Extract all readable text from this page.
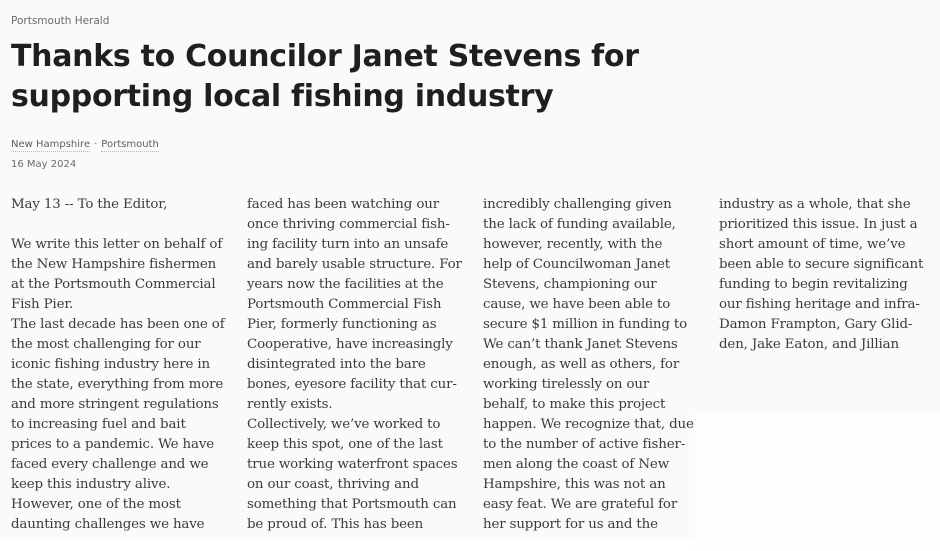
Portsmouth Herald

Thanks to Councilor Janet Stevens for
supporting local fishing industry
New Hampshire · Portsmouth
16 May 2024
May 13 -- To the Editor,
We write this letter on behalf of
the New Hampshire fishermen
at the Portsmouth Commercial
Fish Pier.
The last decade has been one of
the most challenging for our
iconic fishing industry here in
the state, everything from more
and more stringent regulations
to increasing fuel and bait
prices to a pandemic. We have
faced every challenge and we
keep this industry alive.
However, one of the most
daunting challenges we have
faced has been watching our
once thriving commercial fish-
ing facility turn into an unsafe
and barely usable structure. For
years now the facilities at the
Portsmouth Commercial Fish
Pier, formerly functioning as
Cooperative, have increasingly
disintegrated into the bare
bones, eyesore facility that cur-
rently exists.
Collectively, we’ve worked to
keep this spot, one of the last
true working waterfront spaces
on our coast, thriving and
something that Portsmouth can
be proud of. This has been
incredibly challenging given
the lack of funding available,
however, recently, with the
help of Councilwoman Janet
Stevens, championing our
cause, we have been able to
secure $1 million in funding to
We can’t thank Janet Stevens
enough, as well as others, for
working tirelessly on our
behalf, to make this project
happen. We recognize that, due
to the number of active fisher-
men along the coast of New
Hampshire, this was not an
easy feat. We are grateful for
her support for us and the
industry as a whole, that she
prioritized this issue. In just a
short amount of time, we’ve
been able to secure significant
funding to begin revitalizing
our fishing heritage and infra-
Damon Frampton, Gary Glid-
den, Jake Eaton, and Jillian
